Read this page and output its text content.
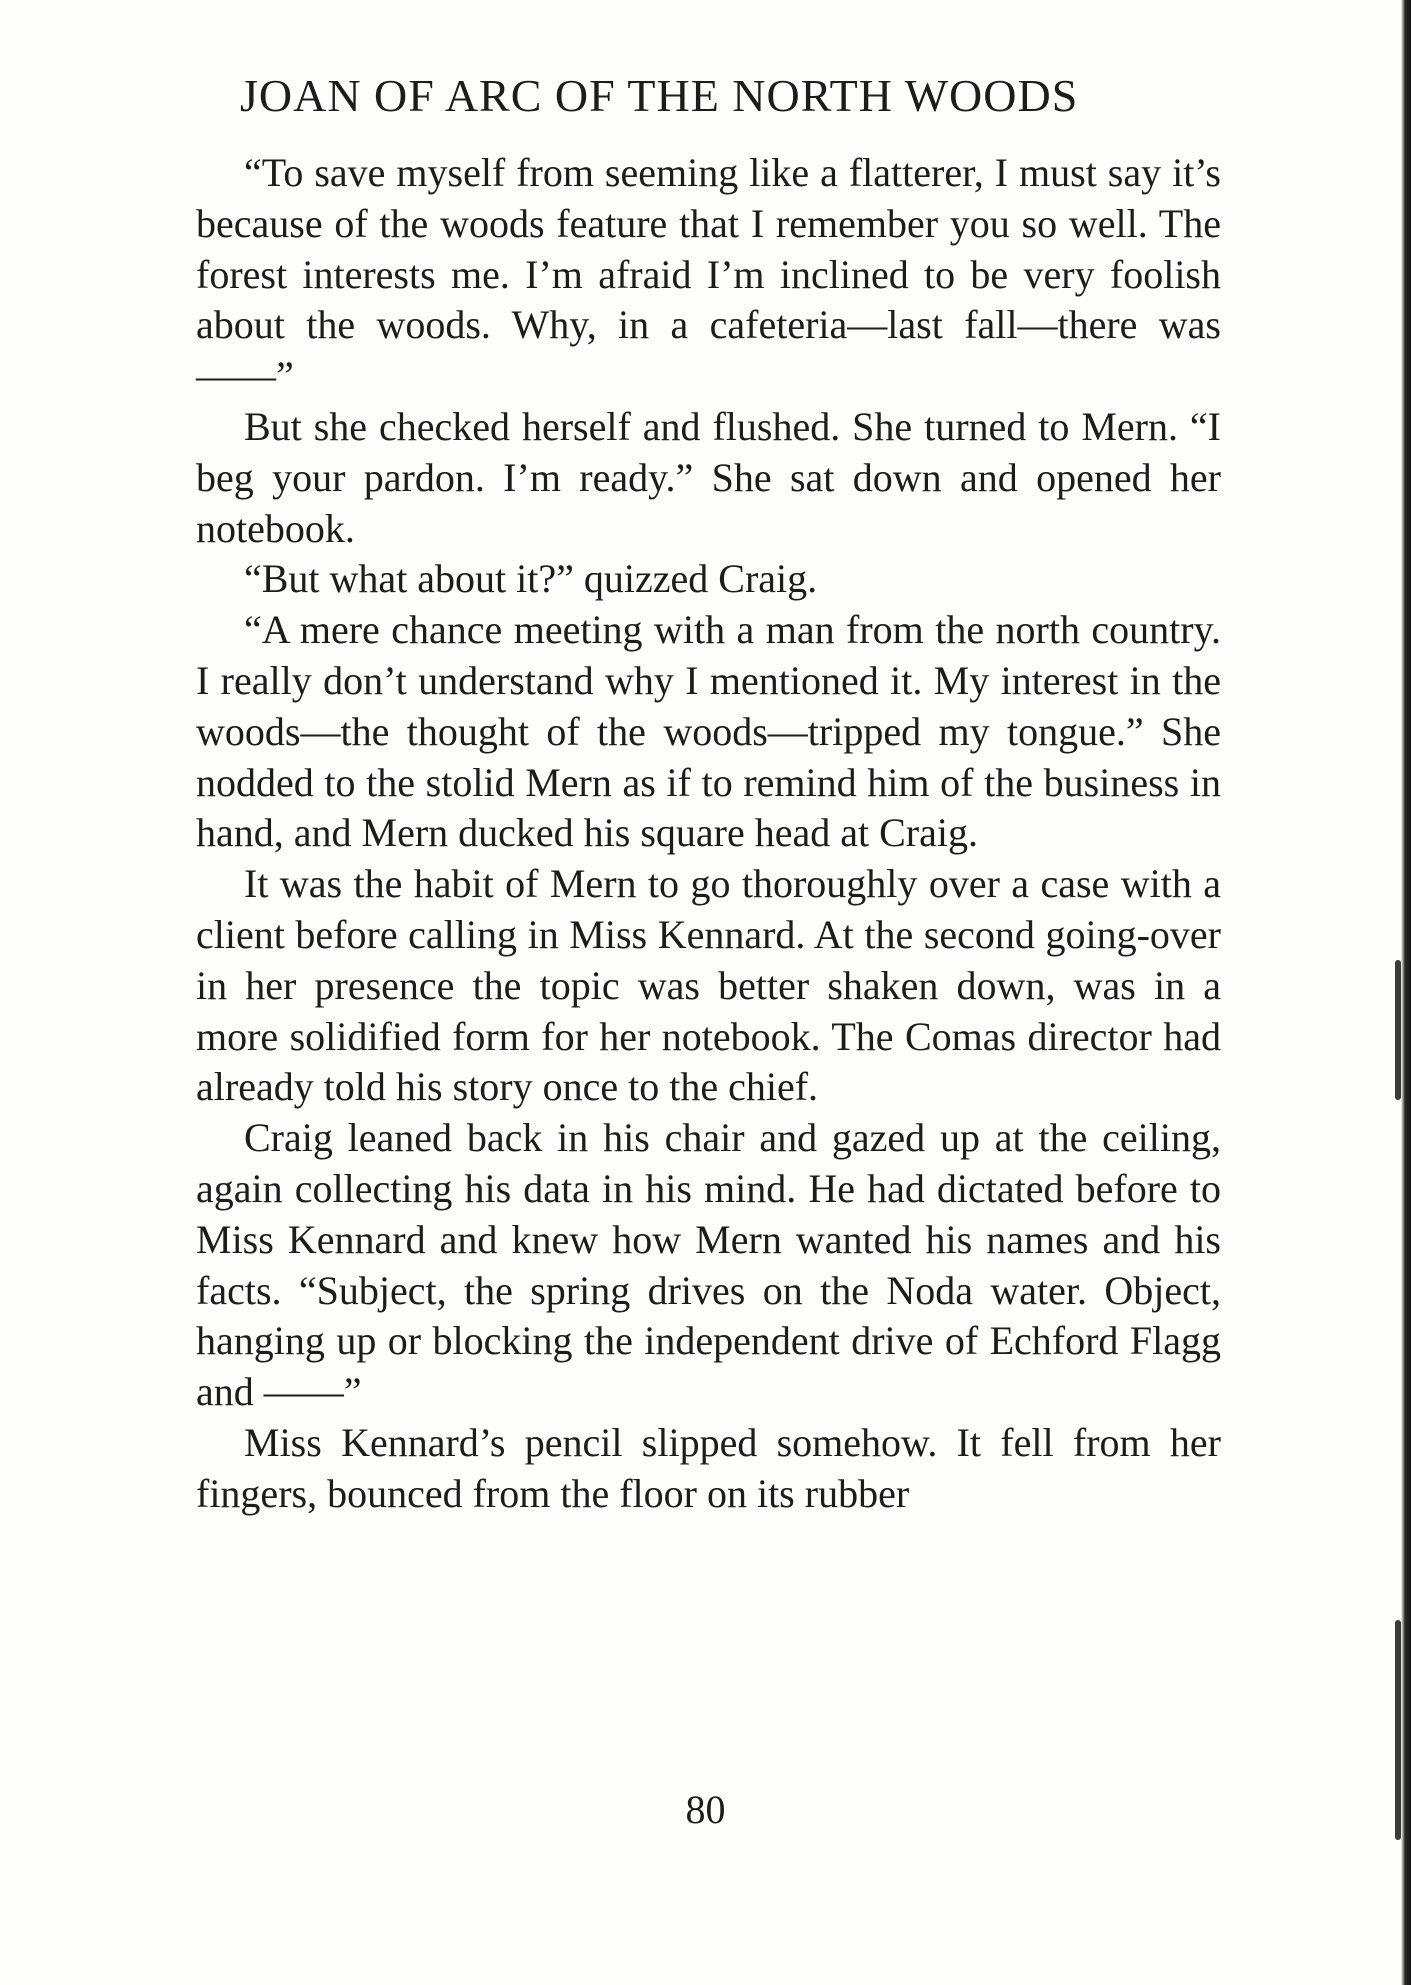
JOAN OF ARC OF THE NORTH WOODS

“To save myself from seeming like a flatterer, I must say it’s because of the woods feature that I remember you so well. The forest interests me. I’m afraid I’m inclined to be very foolish about the woods. Why, in a cafeteria—last fall—there was ——”

But she checked herself and flushed. She turned to Mern. “I beg your pardon. I’m ready.” She sat down and opened her notebook.

“But what about it?” quizzed Craig.

“A mere chance meeting with a man from the north country. I really don’t understand why I mentioned it. My interest in the woods—the thought of the woods—tripped my tongue.” She nodded to the stolid Mern as if to remind him of the business in hand, and Mern ducked his square head at Craig.

It was the habit of Mern to go thoroughly over a case with a client before calling in Miss Kennard. At the second going-over in her presence the topic was better shaken down, was in a more solidified form for her notebook. The Comas director had already told his story once to the chief.

Craig leaned back in his chair and gazed up at the ceiling, again collecting his data in his mind. He had dictated before to Miss Kennard and knew how Mern wanted his names and his facts. “Subject, the spring drives on the Noda water. Object, hanging up or blocking the independent drive of Echford Flagg and ——”

Miss Kennard’s pencil slipped somehow. It fell from her fingers, bounced from the floor on its rubber

80
